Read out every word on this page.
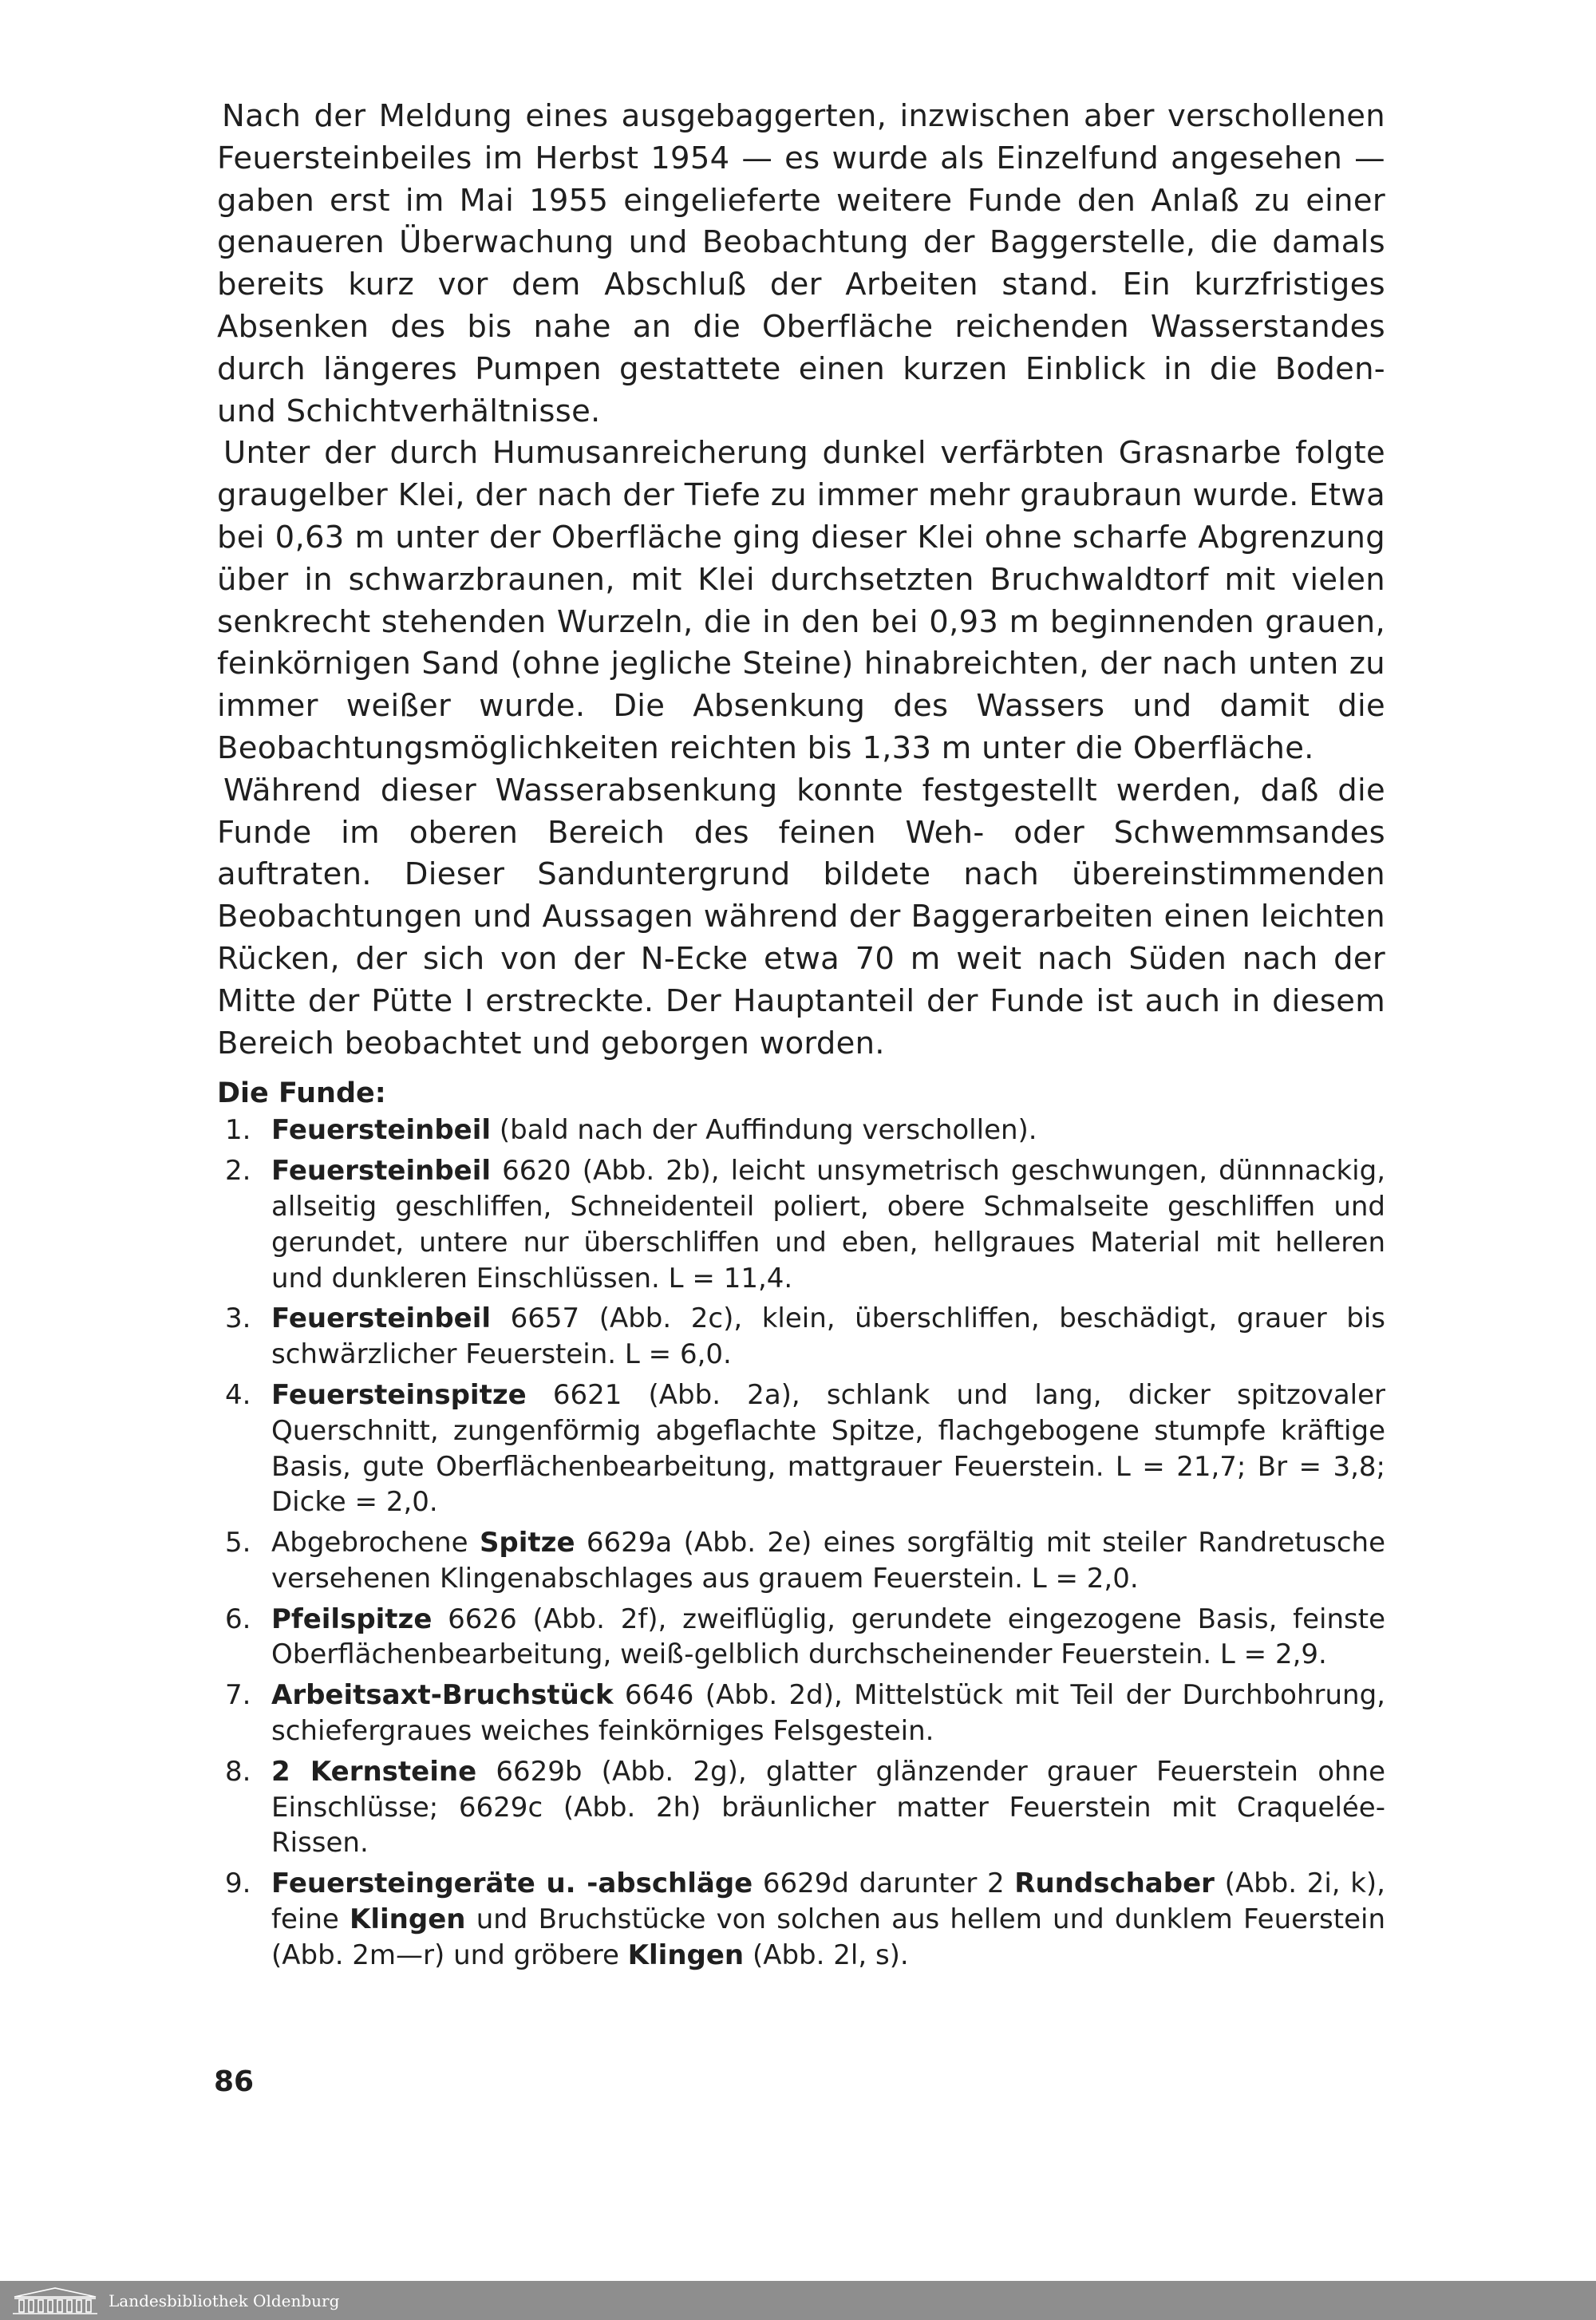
Nach der Meldung eines ausgebaggerten, inzwischen aber verschollenen Feuersteinbeiles im Herbst 1954 — es wurde als Einzelfund angesehen — gaben erst im Mai 1955 eingelieferte weitere Funde den Anlaß zu einer genaueren Überwachung und Beobachtung der Baggerstelle, die damals bereits kurz vor dem Abschluß der Arbeiten stand. Ein kurzfristiges Absenken des bis nahe an die Oberfläche reichenden Wasserstandes durch längeres Pumpen gestattete einen kurzen Einblick in die Boden- und Schichtverhältnisse.

Unter der durch Humusanreicherung dunkel verfärbten Grasnarbe folgte graugelber Klei, der nach der Tiefe zu immer mehr graubraun wurde. Etwa bei 0,63 m unter der Oberfläche ging dieser Klei ohne scharfe Abgrenzung über in schwarzbraunen, mit Klei durchsetzten Bruchwaldtorf mit vielen senkrecht stehenden Wurzeln, die in den bei 0,93 m beginnenden grauen, feinkörnigen Sand (ohne jegliche Steine) hinabreichten, der nach unten zu immer weißer wurde. Die Absenkung des Wassers und damit die Beobachtungsmöglichkeiten reichten bis 1,33 m unter die Oberfläche.

Während dieser Wasserabsenkung konnte festgestellt werden, daß die Funde im oberen Bereich des feinen Weh- oder Schwemmsandes auftraten. Dieser Sanduntergrund bildete nach übereinstimmenden Beobachtungen und Aussagen während der Baggerarbeiten einen leichten Rücken, der sich von der N-Ecke etwa 70 m weit nach Süden nach der Mitte der Pütte I erstreckte. Der Hauptanteil der Funde ist auch in diesem Bereich beobachtet und geborgen worden.

Die Funde:
1. Feuersteinbeil (bald nach der Auffindung verschollen).
2. Feuersteinbeil 6620 (Abb. 2b), leicht unsymetrisch geschwungen, dünnnackig, allseitig geschliffen, Schneidenteil poliert, obere Schmalseite geschliffen und gerundet, untere nur überschliffen und eben, hellgraues Material mit helleren und dunkleren Einschlüssen. L = 11,4.
3. Feuersteinbeil 6657 (Abb. 2c), klein, überschliffen, beschädigt, grauer bis schwärzlicher Feuerstein. L = 6,0.
4. Feuersteinspitze 6621 (Abb. 2a), schlank und lang, dicker spitzovaler Querschnitt, zungenförmig abgeflachte Spitze, flachgebogene stumpfe kräftige Basis, gute Oberflächenbearbeitung, mattgrauer Feuerstein. L = 21,7; Br = 3,8; Dicke = 2,0.
5. Abgebrochene Spitze 6629a (Abb. 2e) eines sorgfältig mit steiler Randretusche versehenen Klingenabschlages aus grauem Feuerstein. L = 2,0.
6. Pfeilspitze 6626 (Abb. 2f), zweiflüglig, gerundete eingezogene Basis, feinste Oberflächenbearbeitung, weiß-gelblich durchscheinender Feuerstein. L = 2,9.
7. Arbeitsaxt-Bruchstück 6646 (Abb. 2d), Mittelstück mit Teil der Durchbohrung, schiefergraues weiches feinkörniges Felsgestein.
8. 2 Kernsteine 6629b (Abb. 2g), glatter glänzender grauer Feuerstein ohne Einschlüsse; 6629c (Abb. 2h) bräunlicher matter Feuerstein mit Craquelée-Rissen.
9. Feuersteingeräte u. -abschläge 6629d darunter 2 Rundschaber (Abb. 2i, k), feine Klingen und Bruchstücke von solchen aus hellem und dunklem Feuerstein (Abb. 2m—r) und gröbere Klingen (Abb. 2l, s).
86
Landesbibliothek Oldenburg
